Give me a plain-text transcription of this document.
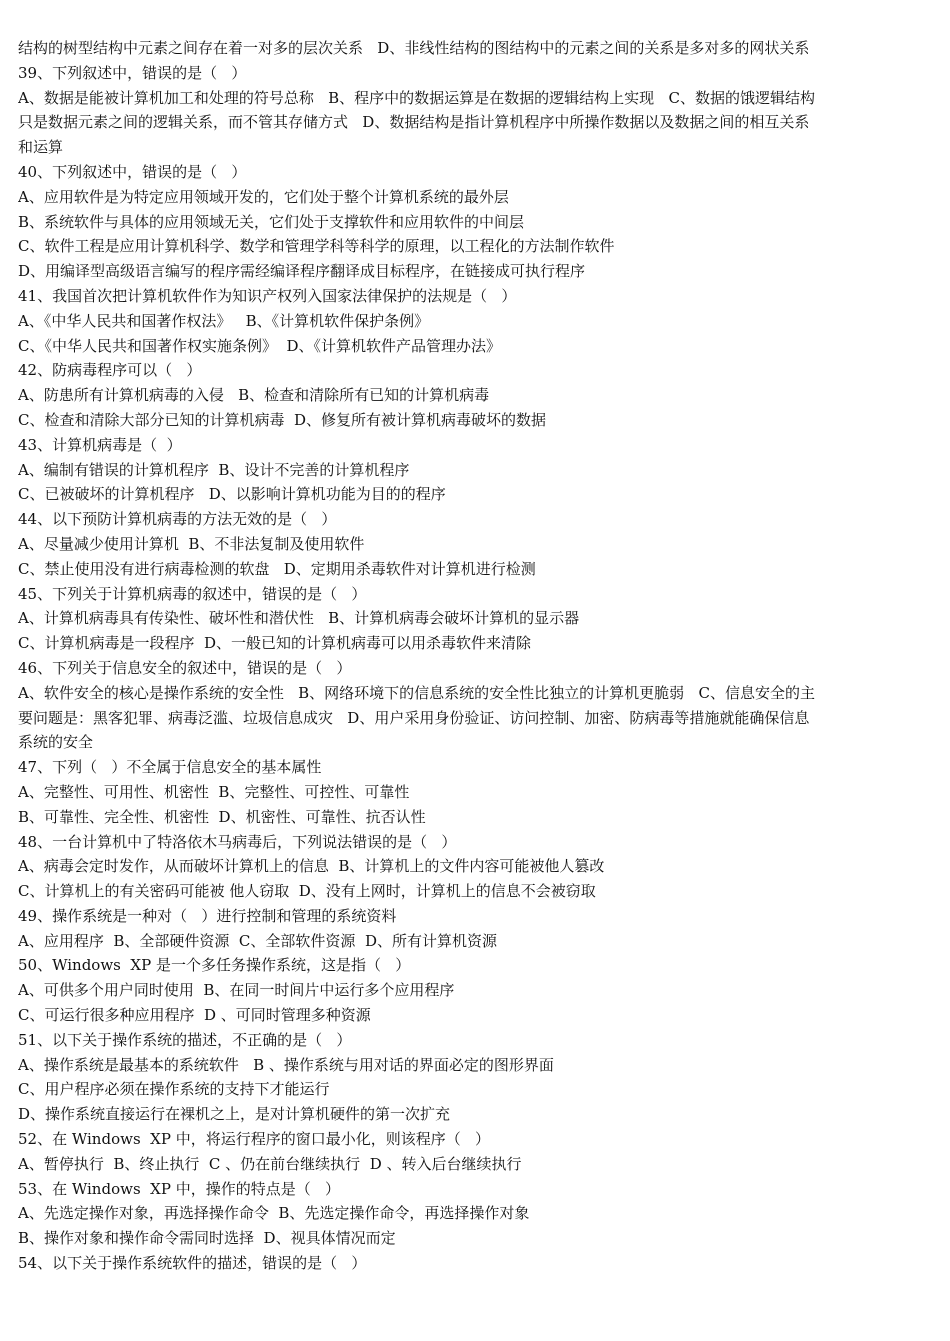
结构的树型结构中元素之间存在着一对多的层次关系   D、非线性结构的图结构中的元素之间的关系是多对多的网状关系
39、下列叙述中，错误的是（   ）
A、数据是能被计算机加工和处理的符号总称   B、程序中的数据运算是在数据的逻辑结构上实现   C、数据的饿逻辑结构
只是数据元素之间的逻辑关系，而不管其存储方式   D、数据结构是指计算机程序中所操作数据以及数据之间的相互关系
和运算
40、下列叙述中，错误的是（   ）
A、应用软件是为特定应用领域开发的，它们处于整个计算机系统的最外层
B、系统软件与具体的应用领域无关，它们处于支撑软件和应用软件的中间层
C、软件工程是应用计算机科学、数学和管理学科等科学的原理，以工程化的方法制作软件
D、用编译型高级语言编写的程序需经编译程序翻译成目标程序，在链接成可执行程序
41、我国首次把计算机软件作为知识产权列入国家法律保护的法规是（   ）
A、《中华人民共和国著作权法》   B、《计算机软件保护条例》
C、《中华人民共和国著作权实施条例》  D、《计算机软件产品管理办法》
42、防病毒程序可以（   ）
A、防患所有计算机病毒的入侵   B、检查和清除所有已知的计算机病毒
C、检查和清除大部分已知的计算机病毒  D、修复所有被计算机病毒破坏的数据
43、计算机病毒是（  ）
A、编制有错误的计算机程序  B、设计不完善的计算机程序
C、已被破坏的计算机程序   D、以影响计算机功能为目的的程序
44、以下预防计算机病毒的方法无效的是（   ）
A、尽量减少使用计算机  B、不非法复制及使用软件
C、禁止使用没有进行病毒检测的软盘   D、定期用杀毒软件对计算机进行检测
45、下列关于计算机病毒的叙述中，错误的是（   ）
A、计算机病毒具有传染性、破坏性和潜伏性   B、计算机病毒会破坏计算机的显示器
C、计算机病毒是一段程序  D、一般已知的计算机病毒可以用杀毒软件来清除
46、下列关于信息安全的叙述中，错误的是（   ）
A、软件安全的核心是操作系统的安全性   B、网络环境下的信息系统的安全性比独立的计算机更脆弱   C、信息安全的主
要问题是：黑客犯罪、病毒泛滥、垃圾信息成灾   D、用户采用身份验证、访问控制、加密、防病毒等措施就能确保信息
系统的安全
47、下列（   ）不全属于信息安全的基本属性
A、完整性、可用性、机密性  B、完整性、可控性、可靠性
B、可靠性、完全性、机密性  D、机密性、可靠性、抗否认性
48、一台计算机中了特洛依木马病毒后，下列说法错误的是（   ）
A、病毒会定时发作，从而破坏计算机上的信息  B、计算机上的文件内容可能被他人篡改
C、计算机上的有关密码可能被 他人窃取  D、没有上网时，计算机上的信息不会被窃取
49、操作系统是一种对（   ）进行控制和管理的系统资料
A、应用程序  B、全部硬件资源  C、全部软件资源  D、所有计算机资源
50、Windows  XP 是一个多任务操作系统，这是指（   ）
A、可供多个用户同时使用  B、在同一时间片中运行多个应用程序
C、可运行很多种应用程序  D 、可同时管理多种资源
51、以下关于操作系统的描述，不正确的是（   ）
A、操作系统是最基本的系统软件   B 、操作系统与用对话的界面必定的图形界面
C、用户程序必须在操作系统的支持下才能运行
D、操作系统直接运行在裸机之上，是对计算机硬件的第一次扩充
52、在 Windows  XP 中，将运行程序的窗口最小化，则该程序（   ）
A、暂停执行  B、终止执行  C 、仍在前台继续执行  D 、转入后台继续执行
53、在 Windows  XP 中，操作的特点是（   ）
A、先选定操作对象，再选择操作命令  B、先选定操作命令，再选择操作对象
B、操作对象和操作命令需同时选择  D、视具体情况而定
54、以下关于操作系统软件的描述，错误的是（   ）
